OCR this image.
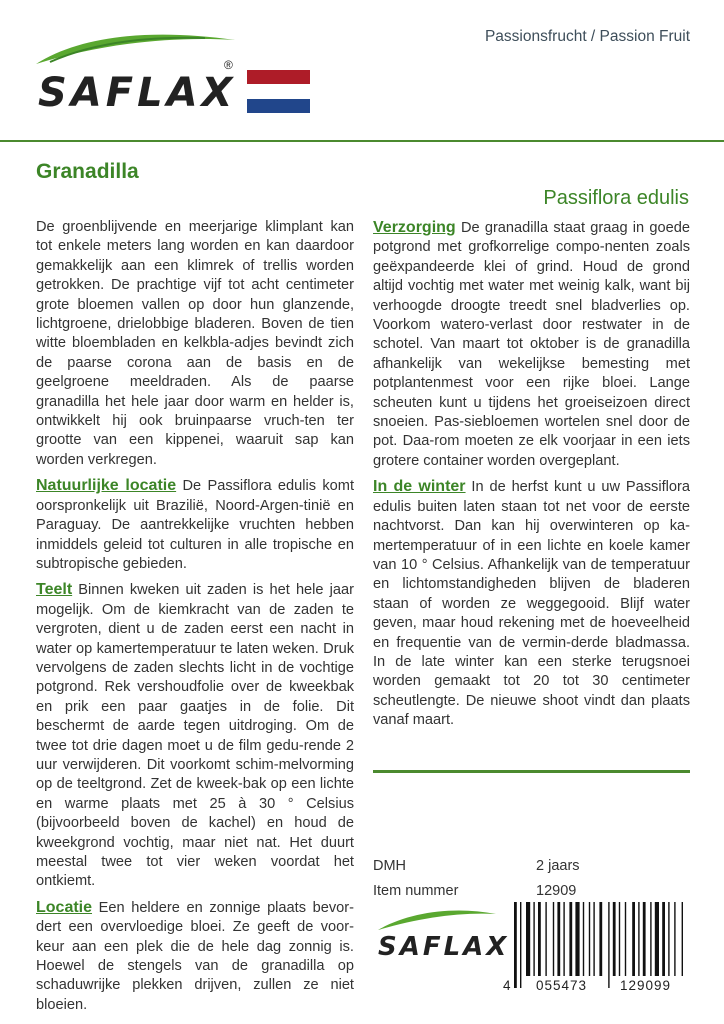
Passionsfrucht / Passion Fruit
SAFLAX
®
Granadilla
Passiflora edulis

De groenblijvende en meerjarige klimplant kan tot enkele meters lang worden en kan daardoor gemakkelijk aan een klimrek of trellis worden getrokken. De prachtige vijf tot acht centimeter grote bloemen vallen op door hun glanzende, lichtgroene, drielobbige bladeren. Boven de tien witte bloembladen en kelkbla-adjes bevindt zich de paarse corona aan de basis en de geelgroene meeldraden. Als de paarse granadilla het hele jaar door warm en helder is, ontwikkelt hij ook bruinpaarse vruch-ten ter grootte van een kippenei, waaruit sap kan worden verkregen.

Natuurlijke locatie De Passiflora edulis komt oorspronkelijk uit Brazilië, Noord-Argen-tinië en Paraguay. De aantrekkelijke vruchten hebben inmiddels geleid tot culturen in alle tropische en subtropische gebieden.

Teelt Binnen kweken uit zaden is het hele jaar mogelijk. Om de kiemkracht van de zaden te vergroten, dient u de zaden eerst een nacht in water op kamertemperatuur te laten weken. Druk vervolgens de zaden slechts licht in de vochtige potgrond. Rek vershoudfolie over de kweekbak en prik een paar gaatjes in de folie. Dit beschermt de aarde tegen uitdroging. Om de twee tot drie dagen moet u de film gedu-rende 2 uur verwijderen. Dit voorkomt schim-melvorming op de teeltgrond. Zet de kweek-bak op een lichte en warme plaats met 25 à 30 ° Celsius (bijvoorbeeld boven de kachel) en houd de kweekgrond vochtig, maar niet nat. Het duurt meestal twee tot vier weken voordat het ontkiemt.

Locatie Een heldere en zonnige plaats bevor-dert een overvloedige bloei. Ze geeft de voor-keur aan een plek die de hele dag zonnig is. Hoewel de stengels van de granadilla op schaduwrijke plekken drijven, zullen ze niet bloeien.

Verzorging De granadilla staat graag in goede potgrond met grofkorrelige compo-nenten zoals geëxpandeerde klei of grind. Houd de grond altijd vochtig met water met weinig kalk, want bij verhoogde droogte treedt snel bladverlies op. Voorkom watero-verlast door restwater in de schotel. Van maart tot oktober is de granadilla afhankelijk van wekelijkse bemesting met potplantenmest voor een rijke bloei. Lange scheuten kunt u tijdens het groeiseizoen direct snoeien. Pas-siebloemen wortelen snel door de pot. Daa-rom moeten ze elk voorjaar in een iets grotere container worden overgeplant.

In de winter In de herfst kunt u uw Passiflora edulis buiten laten staan tot net voor de eerste nachtvorst. Dan kan hij overwinteren op ka-mertemperatuur of in een lichte en koele kamer van 10 ° Celsius. Afhankelijk van de temperatuur en lichtomstandigheden blijven de bladeren staan of worden ze weggegooid. Blijf water geven, maar houd rekening met de hoeveelheid en frequentie van de vermin-derde bladmassa. In de late winter kan een sterke terugsnoei worden gemaakt tot 20 tot 30 centimeter scheutlengte. De nieuwe shoot vindt dan plaats vanaf maart.

DMH	2 jaars
Item nummer	12909
SAFLAX
4 055473 129099
